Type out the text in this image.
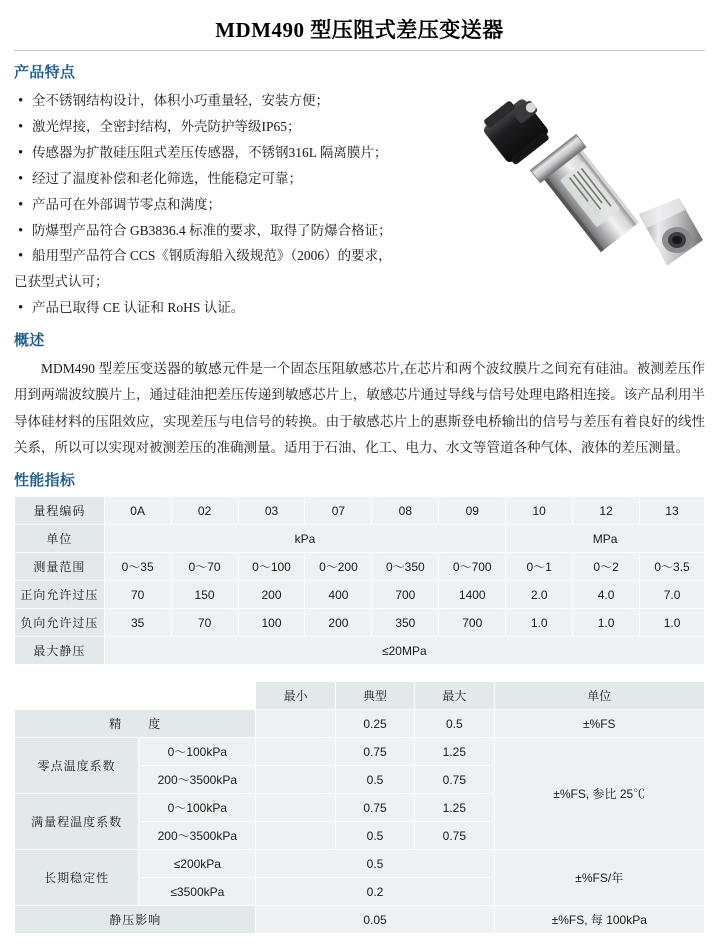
MDM490 型压阻式差压变送器
产品特点
• 全不锈钢结构设计，体积小巧重量轻，安装方便；
• 激光焊接，全密封结构，外壳防护等级IP65；
• 传感器为扩散硅压阻式差压传感器，不锈钢316L 隔离膜片；
• 经过了温度补偿和老化筛选，性能稳定可靠；
• 产品可在外部调节零点和满度；
• 防爆型产品符合 GB3836.4 标准的要求，取得了防爆合格证；
• 船用型产品符合 CCS《钢质海船入级规范》（2006）的要求，
已获型式认可；
• 产品已取得 CE 认证和 RoHS 认证。
概述

MDM490 型差压变送器的敏感元件是一个固态压阻敏感芯片,在芯片和两个波纹膜片之间充有硅油。被测差压作用到两端波纹膜片上，通过硅油把差压传递到敏感芯片上，敏感芯片通过导线与信号处理电路相连接。该产品利用半导体硅材料的压阻效应，实现差压与电信号的转换。由于敏感芯片上的惠斯登电桥输出的信号与差压有着良好的线性关系，所以可以实现对被测差压的准确测量。适用于石油、化工、电力、水文等管道各种气体、液体的差压测量。

性能指标
量程编码	0A	02	03	07	08	09	10	12	13
单位	kPa						MPa		
测量范围	0～35	0～70	0～100	0～200	0～350	0～700	0～1	0～2	0～3.5
正向允许过压	70	150	200	400	700	1400	2.0	4.0	7.0
负向允许过压	35	70	100	200	350	700	1.0	1.0	1.0
最大静压	≤20MPa								
		最小	典型	最大	单位
精　　度			0.25	0.5	±%FS
零点温度系数	0～100kPa		0.75	1.25	±%FS, 参比 25℃
	200～3500kPa		0.5	0.75	
满量程温度系数	0～100kPa		0.75	1.25	
	200～3500kPa		0.5	0.75	
长期稳定性	≤200kPa	0.5			±%FS/年
	≤3500kPa	0.2			
静压影响		0.05			±%FS, 每 100kPa
